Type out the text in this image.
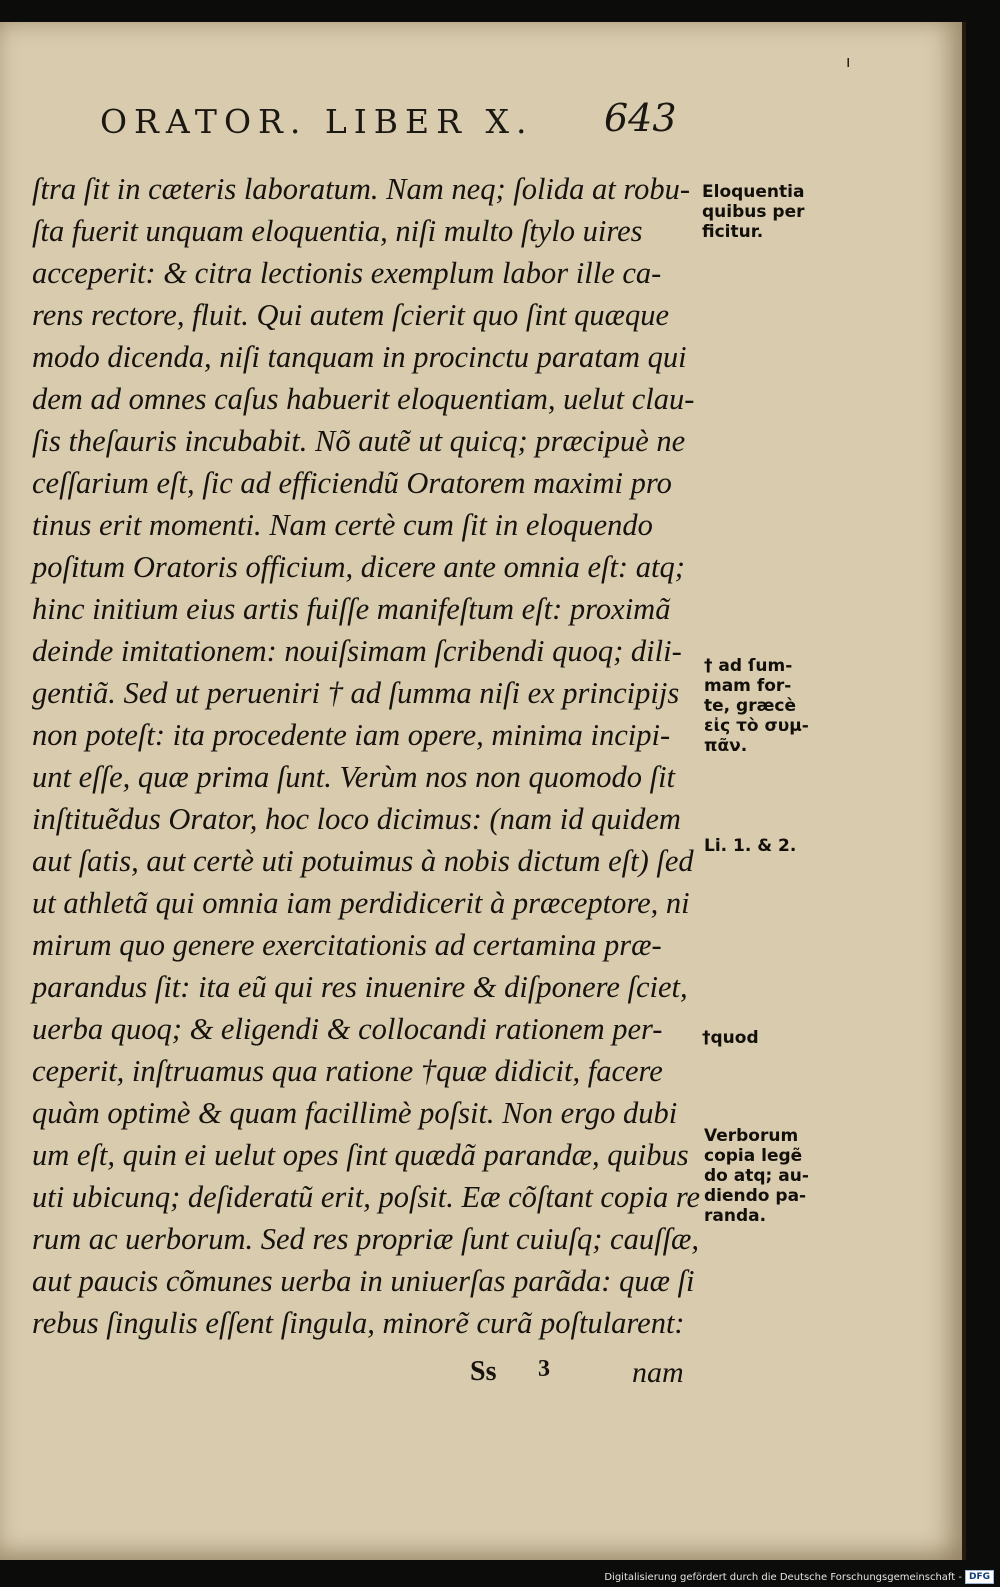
ı
ORATOR. LIBER X.	643
ſtra ſit in cæteris laboratum. Nam neq; ſolida at robu-
ſta fuerit unquam eloquentia, niſi multo ſtylo uires
acceperit: & citra lectionis exemplum labor ille ca-
rens rectore, fluit. Qui autem ſcierit quo ſint quæque
modo dicenda, niſi tanquam in procinctu paratam qui
dem ad omnes caſus habuerit eloquentiam, uelut clau-
ſis theſauris incubabit. Nõ autẽ ut quicq; præcipuè ne
ceſſarium eſt, ſic ad efficiendũ Oratorem maximi pro
tinus erit momenti. Nam certè cum ſit in eloquendo
poſitum Oratoris officium, dicere ante omnia eſt: atq;
hinc initium eius artis fuiſſe manifeſtum eſt: proximã
deinde imitationem: nouiſsimam ſcribendi quoq; dili-
gentiã. Sed ut perueniri † ad ſumma niſi ex principijs
non poteſt: ita procedente iam opere, minima incipi-
unt eſſe, quæ prima ſunt. Verùm nos non quomodo ſit
inſtituẽdus Orator, hoc loco dicimus: (nam id quidem
aut ſatis, aut certè uti potuimus à nobis dictum eſt) ſed
ut athletã qui omnia iam perdidicerit à præceptore, ni
mirum quo genere exercitationis ad certamina præ-
parandus ſit: ita eũ qui res inuenire & diſponere ſciet,
uerba quoq; & eligendi & collocandi rationem per-
ceperit, inſtruamus qua ratione †quæ didicit, facere
quàm optimè & quam facillimè poſsit. Non ergo dubi
um eſt, quin ei uelut opes ſint quædã parandæ, quibus
uti ubicunq; deſideratũ erit, poſsit. Eæ cõſtant copia re
rum ac uerborum. Sed res propriæ ſunt cuiuſq; cauſſæ,
aut paucis cõmunes uerba in uniuerſas parãda: quæ ſi
rebus ſingulis eſſent ſingula, minorẽ curã poſtularent:
Eloquentia
quibus per
ficitur.
† ad ſum-
mam for-
te, græcè
εἰς τὸ συμ-
πᾶν.
Li. 1. & 2.
†quod
Verborum
copia legẽ
do atq; au-
diendo pa-
randa.
Ss 3	nam
Digitalisierung gefördert durch die Deutsche Forschungsgemeinschaft - DFG
